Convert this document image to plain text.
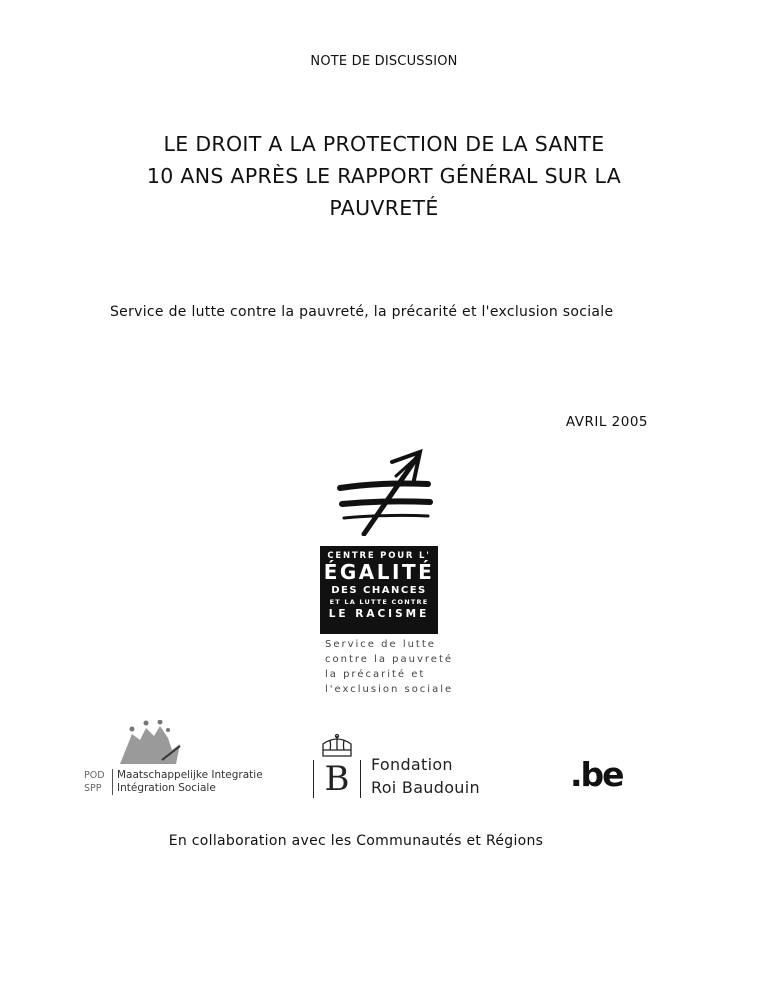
NOTE DE DISCUSSION
LE DROIT A LA PROTECTION DE LA SANTE
10 ANS APRÈS LE RAPPORT GÉNÉRAL SUR LA
PAUVRETÉ
Service de lutte contre la pauvreté, la précarité et l'exclusion sociale
AVRIL 2005
CENTRE POUR L'
ÉGALITÉ
DES CHANCES
ET LA LUTTE CONTRE
LE RACISME
Service de lutte
contre la pauvreté
la précarité et
l'exclusion sociale
POD
SPP
Maatschappelijke Integratie
Intégration Sociale	B	Fondation
Roi Baudouin	.be
En collaboration avec les Communautés et Régions
